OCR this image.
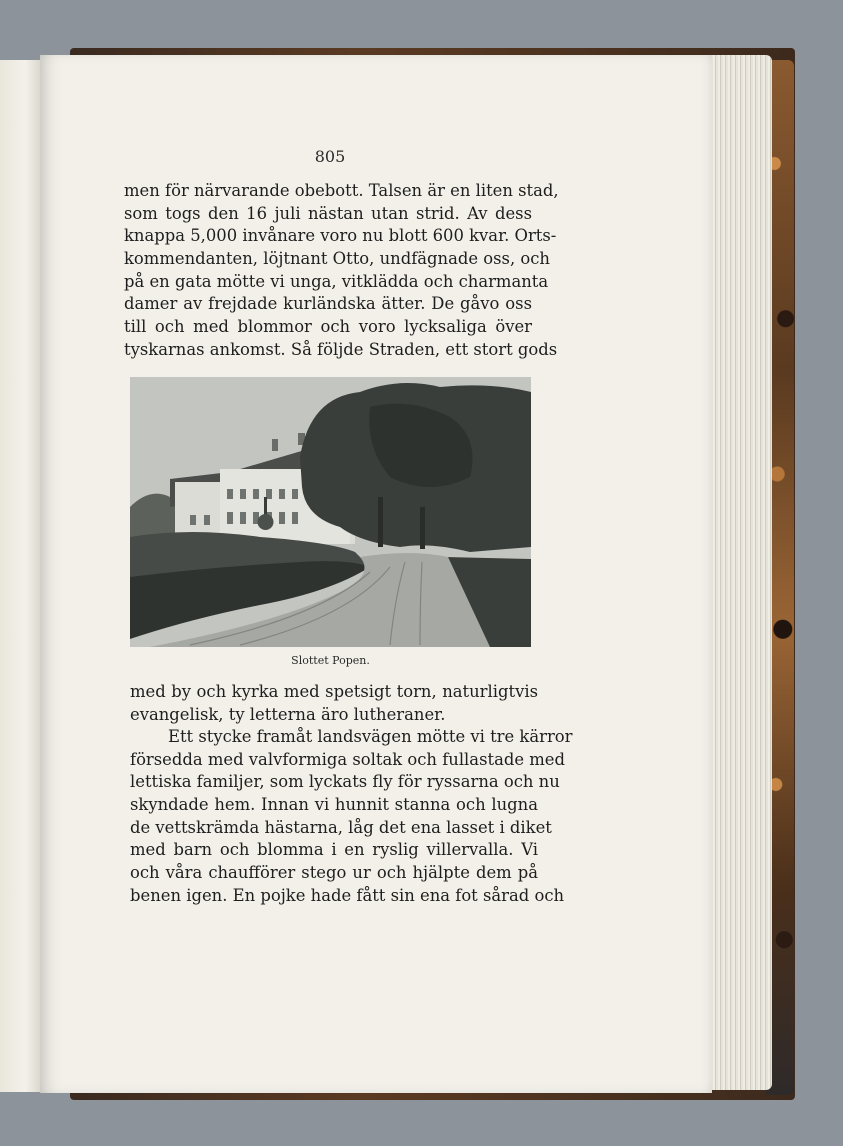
805
men för närvarande obebott. Talsen är en liten stad,
som togs den 16 juli nästan utan strid. Av dess
knappa 5,000 invånare voro nu blott 600 kvar. Orts-
kommendanten, löjtnant Otto, undfägnade oss, och
på en gata mötte vi unga, vitklädda och charmanta
damer av frejdade kurländska ätter. De gåvo oss
till och med blommor och voro lycksaliga över
tyskarnas ankomst. Så följde Straden, ett stort gods
Slottet Popen.
med by och kyrka med spetsigt torn, naturligtvis
evangelisk, ty letterna äro lutheraner.
Ett stycke framåt landsvägen mötte vi tre kärror
försedda med valvformiga soltak och fullastade med
lettiska familjer, som lyckats fly för ryssarna och nu
skyndade hem. Innan vi hunnit stanna och lugna
de vettskrämda hästarna, låg det ena lasset i diket
med barn och blomma i en ryslig villervalla. Vi
och våra chaufförer stego ur och hjälpte dem på
benen igen. En pojke hade fått sin ena fot sårad och
